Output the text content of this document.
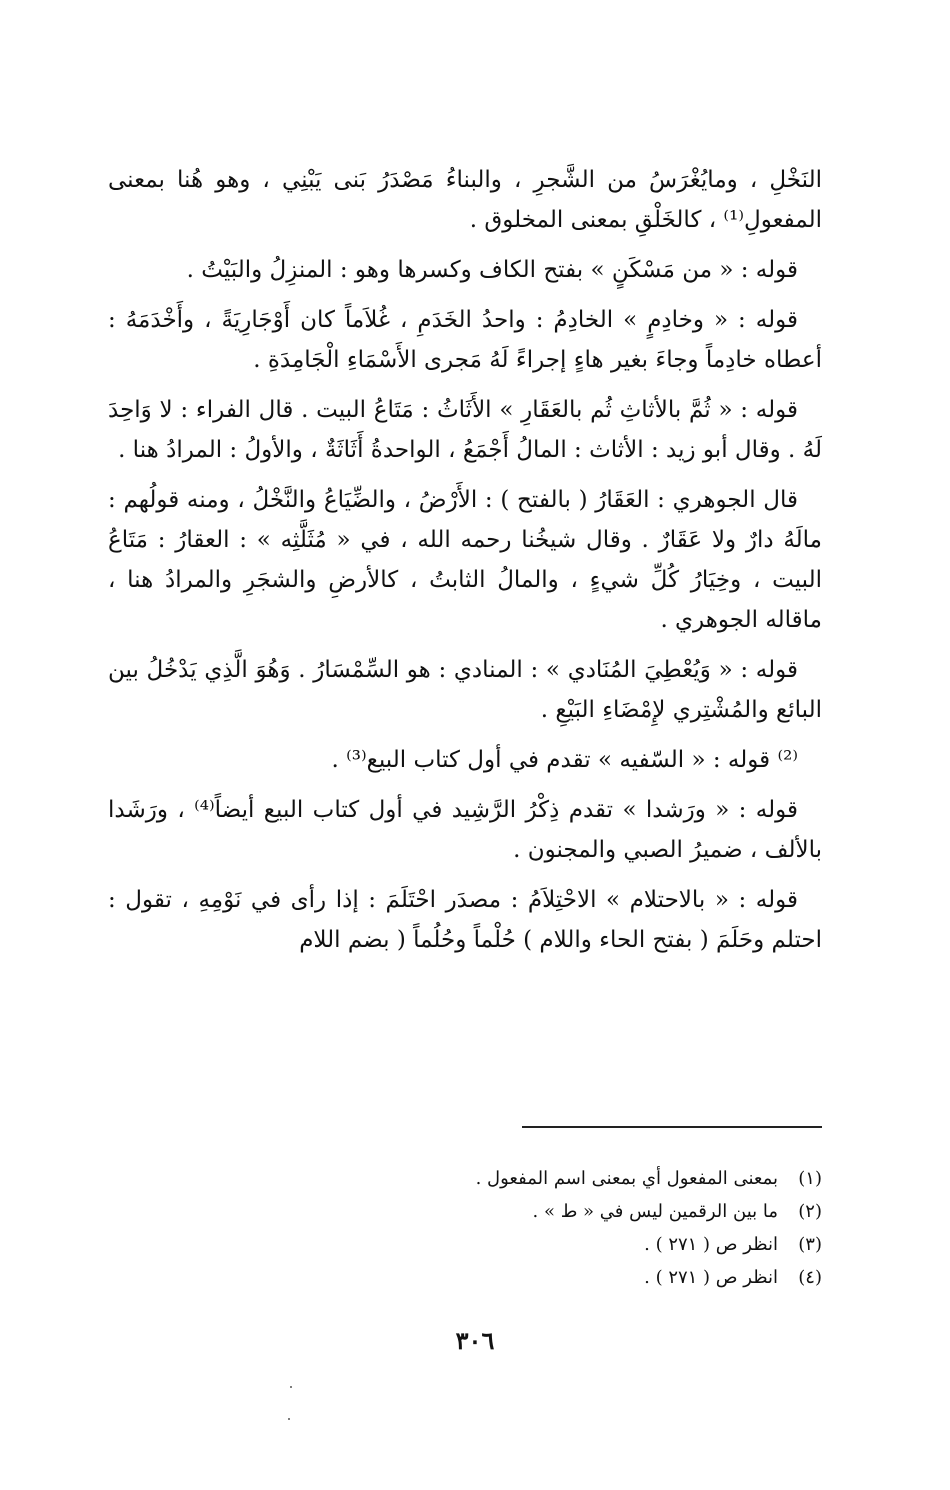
النَخْلِ ، ومايُغْرَسُ من الشَّجرِ ، والبناءُ مَصْدَرُ بَنى يَبْنِي ، وهو هُنا بمعنى المفعولِ⁽¹⁾ ، كالخَلْقِ بمعنى المخلوق .

قوله : « من مَسْكَنٍ » بفتح الكاف وكسرها وهو : المنزِلُ والبَيْتُ .

قوله : « وخادِمٍ » الخادِمُ : واحدُ الخَدَمِ ، غُلاَماً كان أَوْجَارِيَةً ، وأَخْدَمَهُ : أعطاه خادِماً وجاءَ بغير هاءٍ إجراءً لَهُ مَجرى الأَسْمَاءِ الْجَامِدَةِ .

قوله : « ثُمَّ بالأثاثِ ثُم بالعَقَارِ » الأَثَاثُ : مَتَاعُ البيت . قال الفراء : لا وَاحِدَ لَهُ . وقال أبو زيد : الأثاث : المالُ أَجْمَعُ ، الواحدةُ أَثَاثَةٌ ، والأولُ : المرادُ هنا .

قال الجوهري : العَقَارُ ( بالفتح ) : الأَرْضُ ، والضِّيَاعُ والنَّخْلُ ، ومنه قولُهم : مالَهُ دارٌ ولا عَقَارٌ . وقال شيخُنا رحمه الله ، في « مُثَلَّثِه » : العقارُ : مَتَاعُ البيت ، وخِيَارُ كُلِّ شيءٍ ، والمالُ الثابتُ ، كالأرضِ والشجَرِ والمرادُ هنا ، ماقاله الجوهري .

قوله : « وَيُعْطِيَ المُنَادي » : المنادي : هو السِّمْسَارُ . وَهُوَ الَّذِي يَدْخُلُ بين البائع والمُشْتِري لإِمْضَاءِ البَيْعِ .

⁽²⁾ قوله : « السّفيه » تقدم في أول كتاب البيع⁽³⁾ .

قوله : « ورَشدا » تقدم ذِكْرُ الرَّشِيد في أول كتاب البيع أيضاً⁽⁴⁾ ، ورَشَدا بالألف ، ضميرُ الصبي والمجنون .

قوله : « بالاحتلام » الاحْتِلاَمُ : مصدَر احْتَلَمَ : إذا رأى في نَوْمِهِ ، تقول : احتلم وحَلَمَ ( بفتح الحاء واللام ) حُلْماً وحُلُماً ( بضم اللام

(١)بمعنى المفعول أي بمعنى اسم المفعول .
(٢)ما بين الرقمين ليس في « ط » .
(٣)انظر ص ( ٢٧١ ) .
(٤)انظر ص ( ٢٧١ ) .
٣٠٦
